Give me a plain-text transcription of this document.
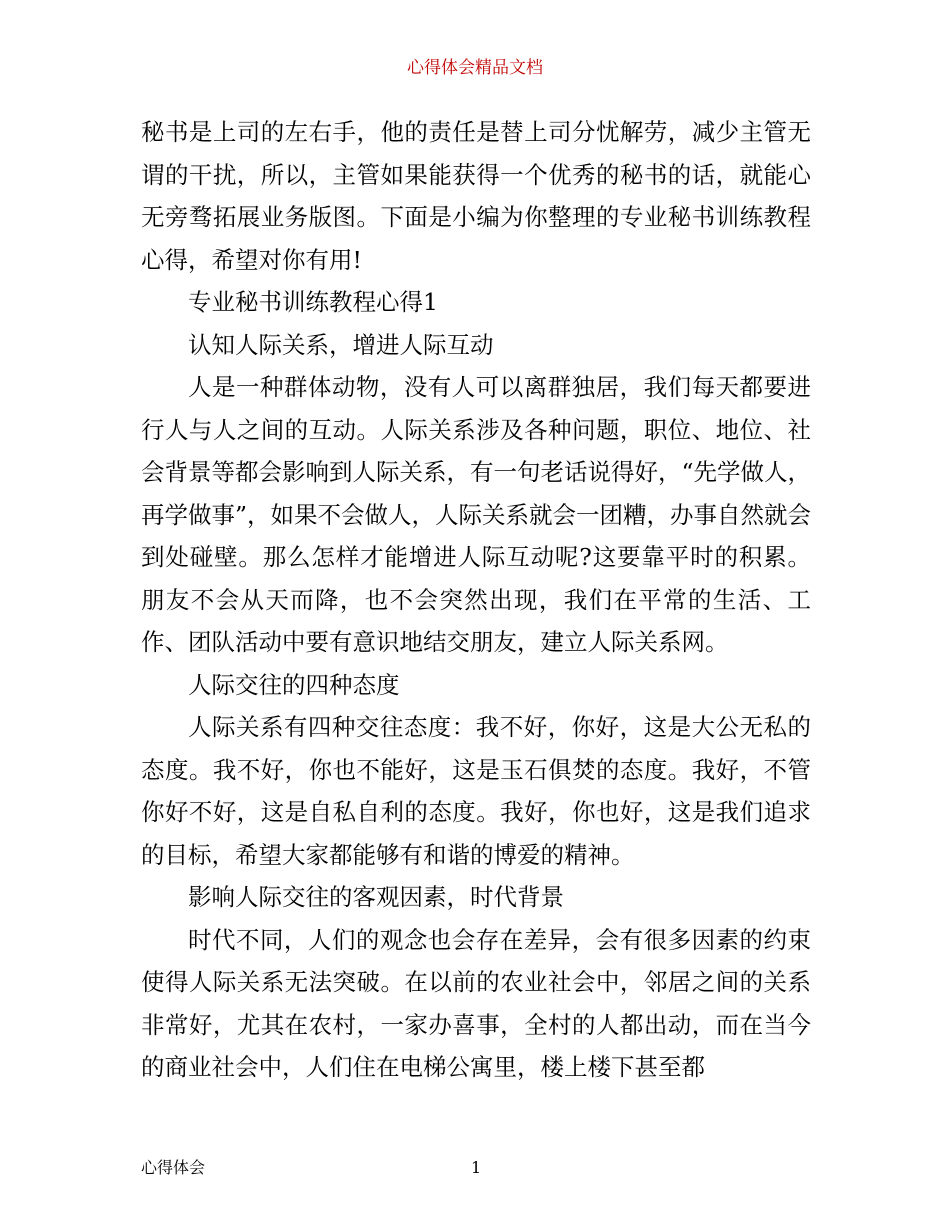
心得体会精品文档

秘书是上司的左右手，他的责任是替上司分忧解劳，减少主管无谓的干扰，所以，主管如果能获得一个优秀的秘书的话，就能心无旁骛拓展业务版图。下面是小编为你整理的专业秘书训练教程心得，希望对你有用!

专业秘书训练教程心得1

认知人际关系，增进人际互动

人是一种群体动物，没有人可以离群独居，我们每天都要进行人与人之间的互动。人际关系涉及各种问题，职位、地位、社会背景等都会影响到人际关系，有一句老话说得好，“先学做人，再学做事”，如果不会做人，人际关系就会一团糟，办事自然就会到处碰壁。那么怎样才能增进人际互动呢?这要靠平时的积累。朋友不会从天而降，也不会突然出现，我们在平常的生活、工作、团队活动中要有意识地结交朋友，建立人际关系网。

人际交往的四种态度

人际关系有四种交往态度：我不好，你好，这是大公无私的态度。我不好，你也不能好，这是玉石俱焚的态度。我好，不管你好不好，这是自私自利的态度。我好，你也好，这是我们追求的目标，希望大家都能够有和谐的博爱的精神。

影响人际交往的客观因素，时代背景

时代不同，人们的观念也会存在差异，会有很多因素的约束使得人际关系无法突破。在以前的农业社会中，邻居之间的关系非常好，尤其在农村，一家办喜事，全村的人都出动，而在当今的商业社会中，人们住在电梯公寓里，楼上楼下甚至都

心得体会	1
